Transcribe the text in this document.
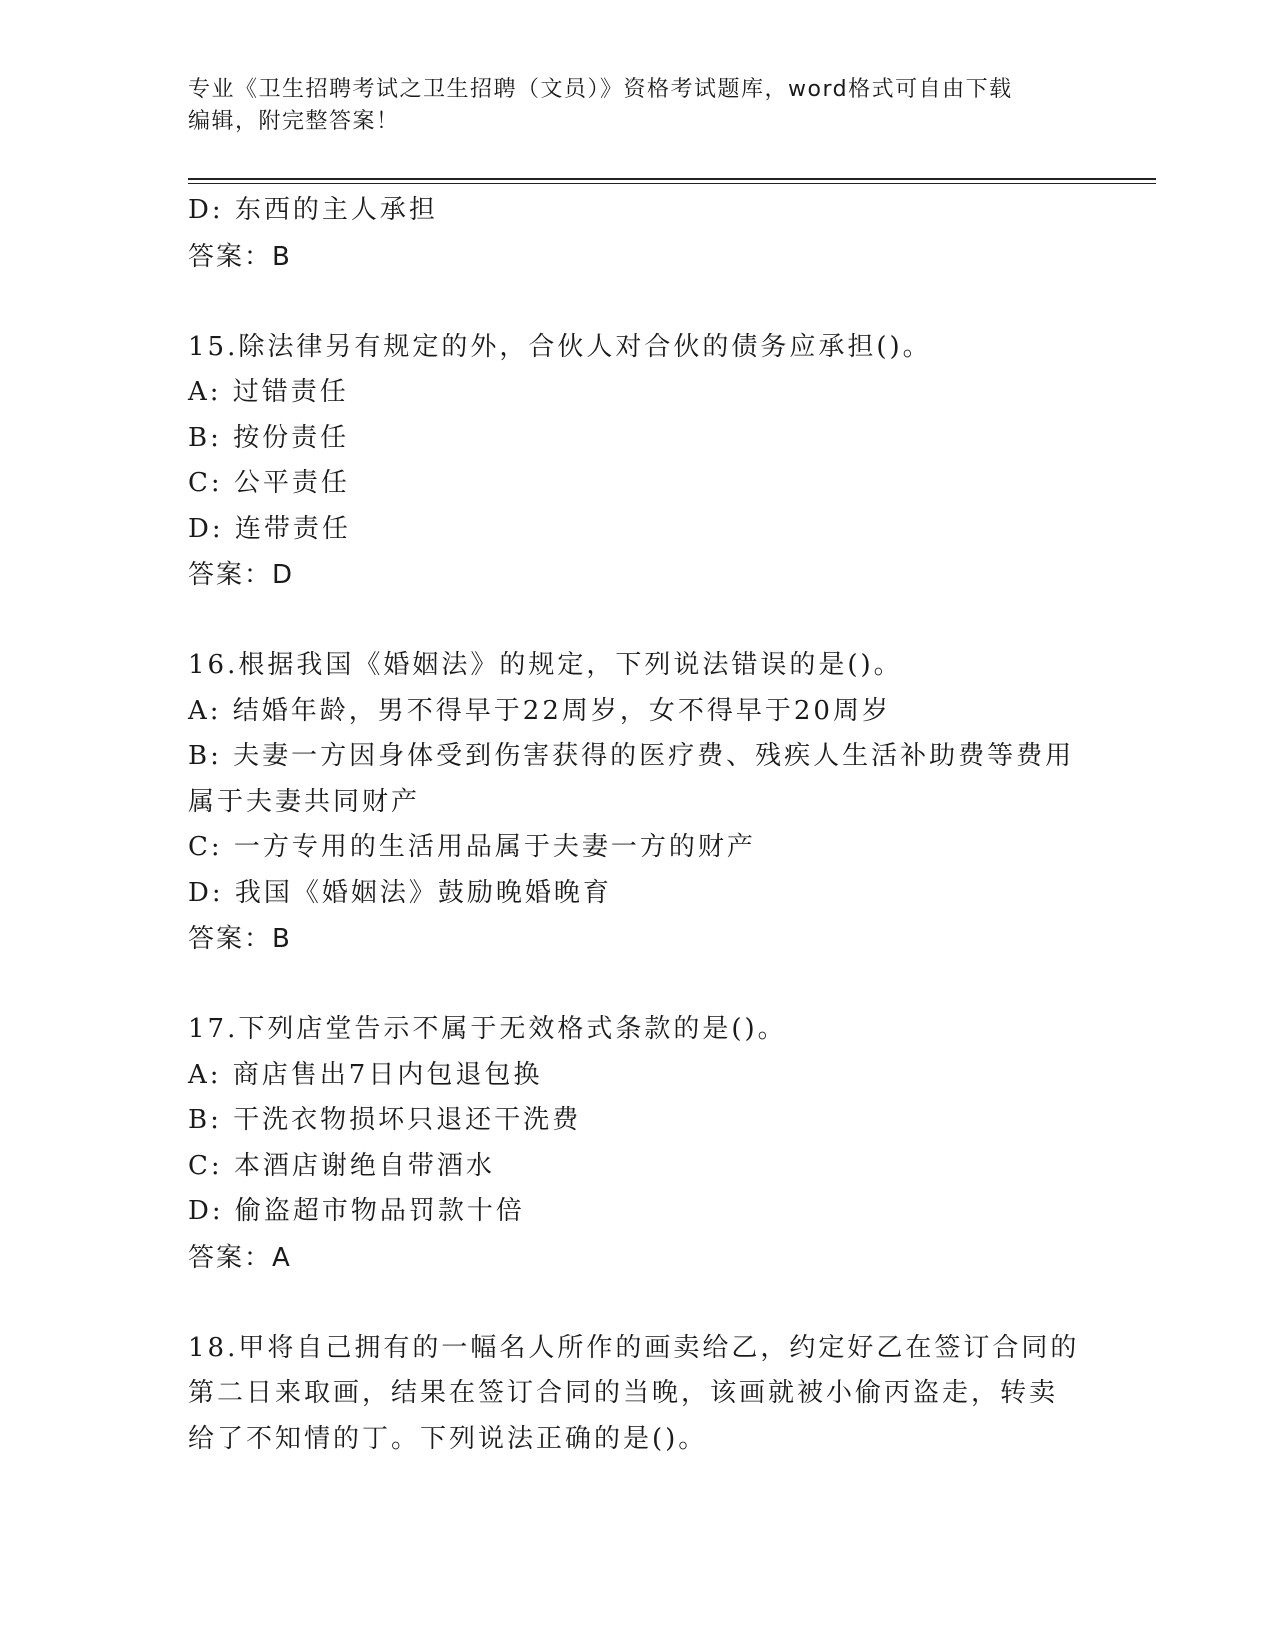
专业《卫生招聘考试之卫生招聘（文员）》资格考试题库，word格式可自由下载
编辑，附完整答案！
D: 东西的主人承担
答案：B
15.除法律另有规定的外，合伙人对合伙的债务应承担()。
A: 过错责任
B: 按份责任
C: 公平责任
D: 连带责任
答案：D
16.根据我国《婚姻法》的规定，下列说法错误的是()。
A: 结婚年龄，男不得早于22周岁，女不得早于20周岁
B: 夫妻一方因身体受到伤害获得的医疗费、残疾人生活补助费等费用
属于夫妻共同财产
C: 一方专用的生活用品属于夫妻一方的财产
D: 我国《婚姻法》鼓励晚婚晚育
答案：B
17.下列店堂告示不属于无效格式条款的是()。
A: 商店售出7日内包退包换
B: 干洗衣物损坏只退还干洗费
C: 本酒店谢绝自带酒水
D: 偷盗超市物品罚款十倍
答案：A
18.甲将自己拥有的一幅名人所作的画卖给乙，约定好乙在签订合同的
第二日来取画，结果在签订合同的当晚，该画就被小偷丙盗走，转卖
给了不知情的丁。下列说法正确的是()。
